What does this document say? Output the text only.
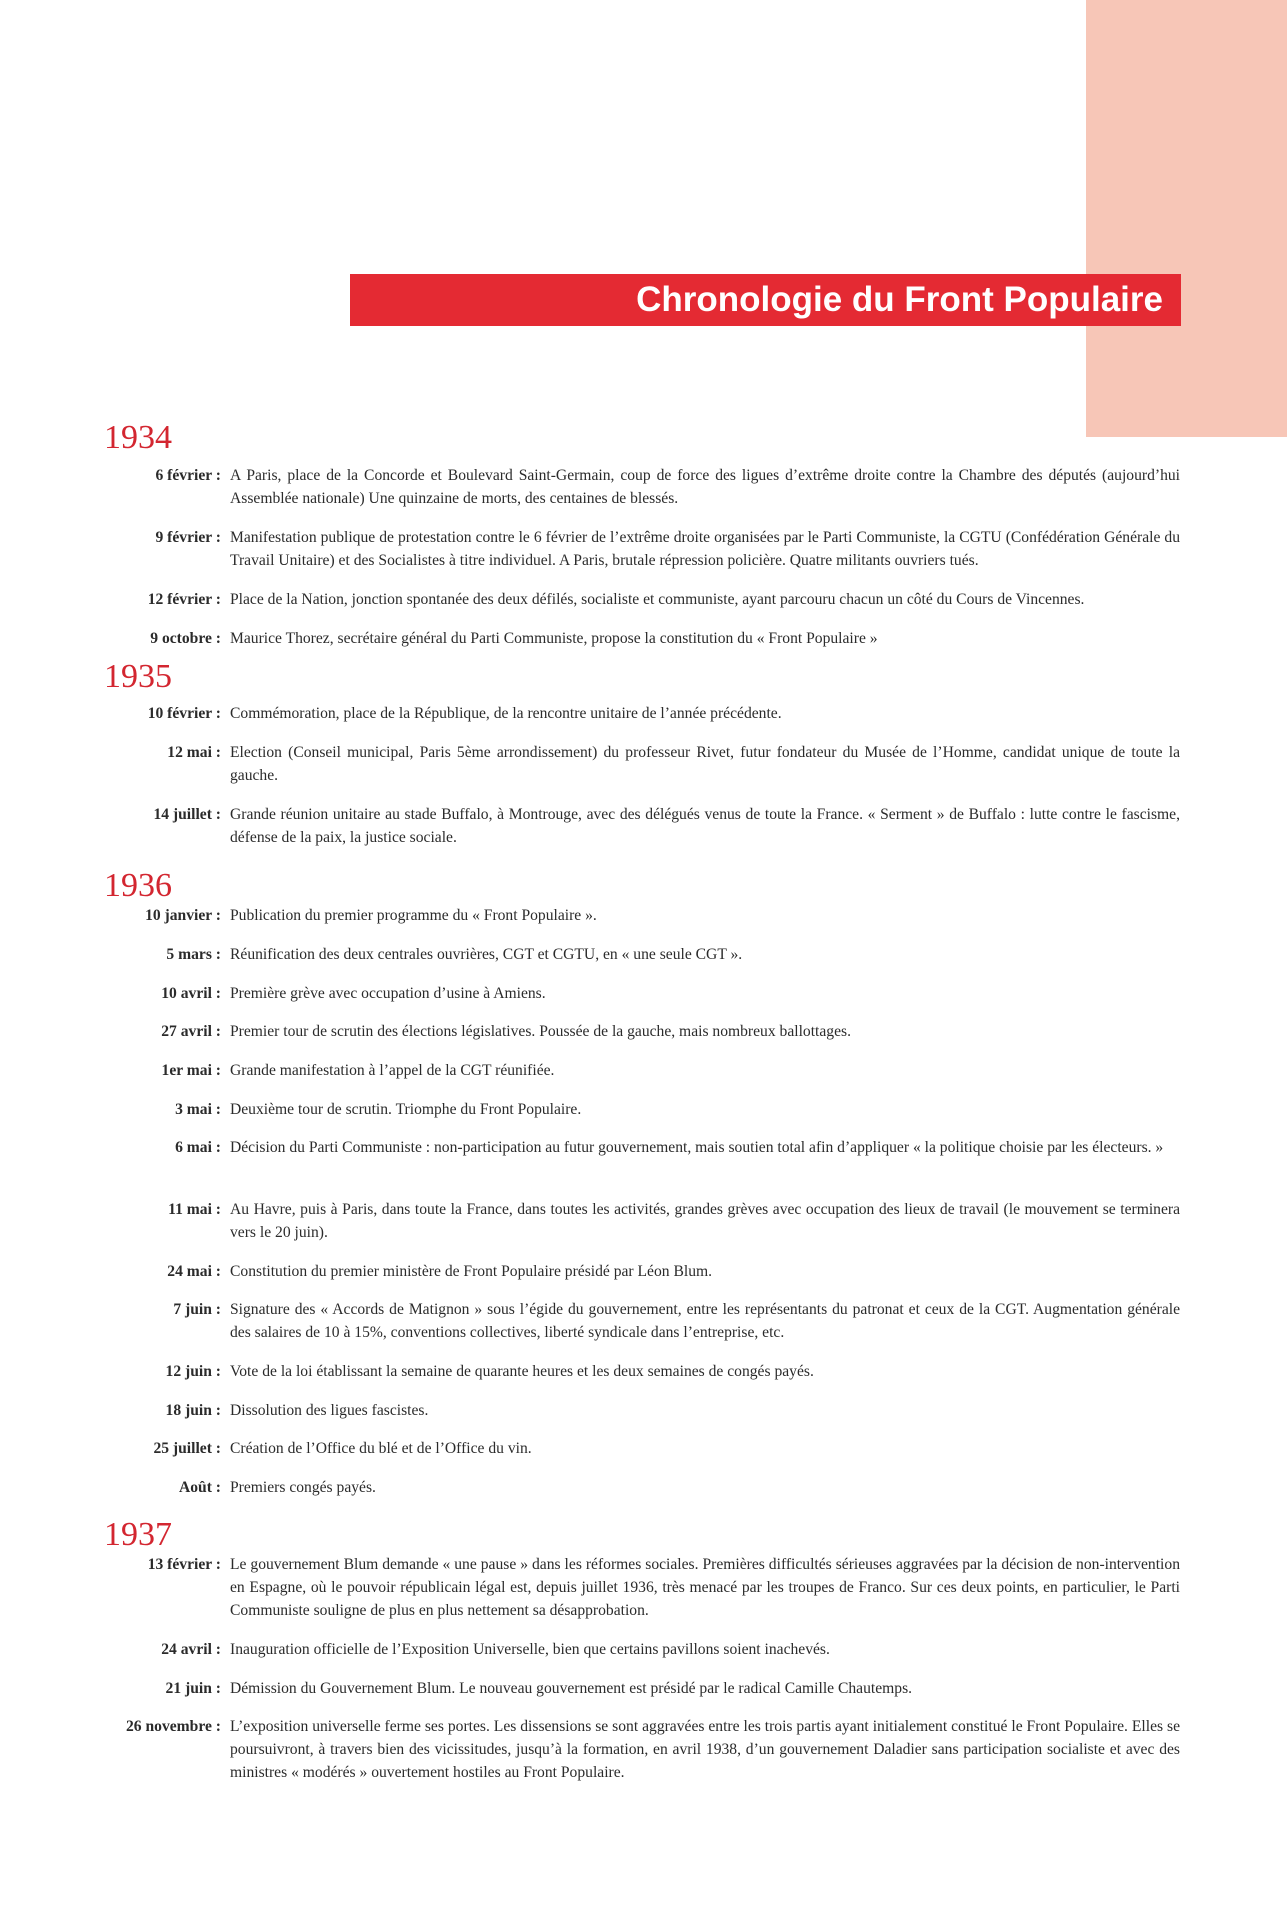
Chronologie du Front Populaire
1934
6 février : A Paris, place de la Concorde et Boulevard Saint-Germain, coup de force des ligues d’extrême droite contre la Chambre des députés (aujourd’hui Assemblée nationale) Une quinzaine de morts, des centaines de blessés.
9 février : Manifestation publique de protestation contre le 6 février de l’extrême droite organisées par le Parti Communiste, la CGTU (Confédération Générale du Travail Unitaire) et des Socialistes à titre individuel. A Paris, brutale répression policière. Quatre militants ouvriers tués.
12 février : Place de la Nation, jonction spontanée des deux défilés, socialiste et communiste, ayant parcouru chacun un côté du Cours de Vincennes.
9 octobre : Maurice Thorez, secrétaire général du Parti Communiste, propose la constitution du « Front Populaire »
1935
10 février : Commémoration, place de la République, de la rencontre unitaire de l’année précédente.
12 mai : Election (Conseil municipal, Paris 5ème arrondissement) du professeur Rivet, futur fondateur du Musée de l’Homme, candidat unique de toute la gauche.
14 juillet : Grande réunion unitaire au stade Buffalo, à Montrouge, avec des délégués venus de toute la France. « Serment » de Buffalo : lutte contre le fascisme, défense de la paix, la justice sociale.
1936
10 janvier : Publication du premier programme du « Front Populaire ».
5 mars : Réunification des deux centrales ouvrières, CGT et CGTU, en « une seule CGT ».
10 avril : Première grève avec occupation d’usine à Amiens.
27 avril : Premier tour de scrutin des élections législatives. Poussée de la gauche, mais nombreux ballottages.
1er mai : Grande manifestation à l’appel de la CGT réunifiée.
3 mai : Deuxième tour de scrutin. Triomphe du Front Populaire.
6 mai : Décision du Parti Communiste : non-participation au futur gouvernement, mais soutien total afin d’appliquer « la politique choisie par les électeurs. »
11 mai : Au Havre, puis à Paris, dans toute la France, dans toutes les activités, grandes grèves avec occupation des lieux de travail (le mouvement se terminera vers le 20 juin).
24 mai : Constitution du premier ministère de Front Populaire présidé par Léon Blum.
7 juin : Signature des « Accords de Matignon » sous l’égide du gouvernement, entre les représentants du patronat et ceux de la CGT. Augmentation générale des salaires de 10 à 15%, conventions collectives, liberté syndicale dans l’entreprise, etc.
12 juin : Vote de la loi établissant la semaine de quarante heures et les deux semaines de congés payés.
18 juin : Dissolution des ligues fascistes.
25 juillet : Création de l’Office du blé et de l’Office du vin.
Août : Premiers congés payés.
1937
13 février : Le gouvernement Blum demande « une pause » dans les réformes sociales. Premières difficultés sérieuses aggravées par la décision de non-intervention en Espagne, où le pouvoir républicain légal est, depuis juillet 1936, très menacé par les troupes de Franco. Sur ces deux points, en particulier, le Parti Communiste souligne de plus en plus nettement sa désapprobation.
24 avril : Inauguration officielle de l’Exposition Universelle, bien que certains pavillons soient inachevés.
21 juin : Démission du Gouvernement Blum. Le nouveau gouvernement est présidé par le radical Camille Chautemps.
26 novembre : L’exposition universelle ferme ses portes. Les dissensions se sont aggravées entre les trois partis ayant initialement constitué le Front Populaire. Elles se poursuivront, à travers bien des vicissitudes, jusqu’à la formation, en avril 1938, d’un gouvernement Daladier sans participation socialiste et avec des ministres « modérés » ouvertement hostiles au Front Populaire.
